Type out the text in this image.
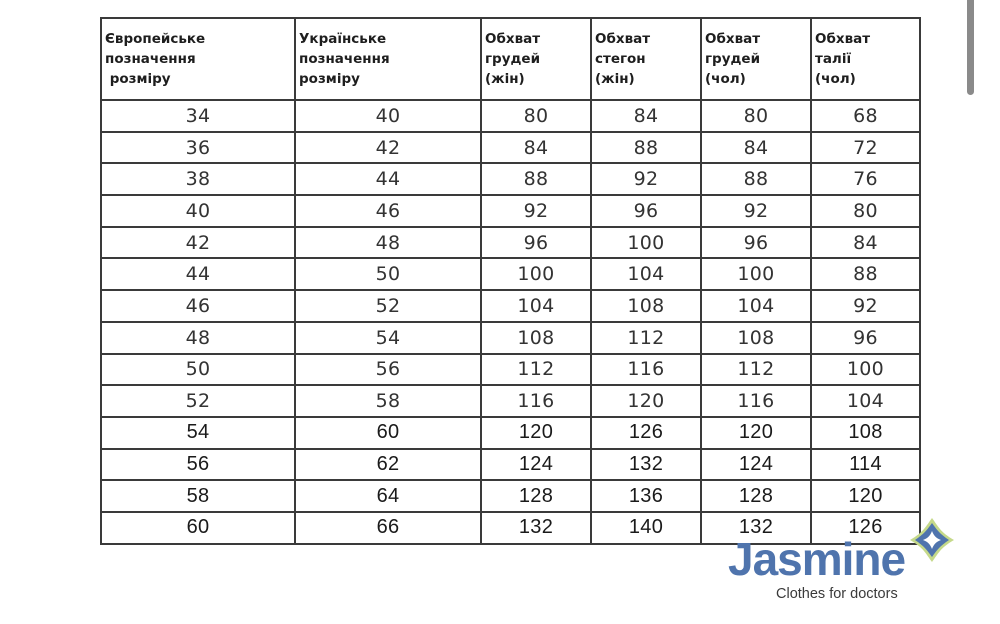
Європейське
позначення
розміру

Українське
позначення
розміру

Обхват
грудей
(жін)

Обхват
стегон
(жін)

Обхват
грудей
(чол)

Обхват
талії
(чол)

34	40	80	84	80	68
36	42	84	88	84	72
38	44	88	92	88	76
40	46	92	96	92	80
42	48	96	100	96	84
44	50	100	104	100	88
46	52	104	108	104	92
48	54	108	112	108	96
50	56	112	116	112	100
52	58	116	120	116	104
54	60	120	126	120	108
56	62	124	132	124	114
58	64	128	136	128	120
60	66	132	140	132	126
Jasmine
Clothes for doctors
